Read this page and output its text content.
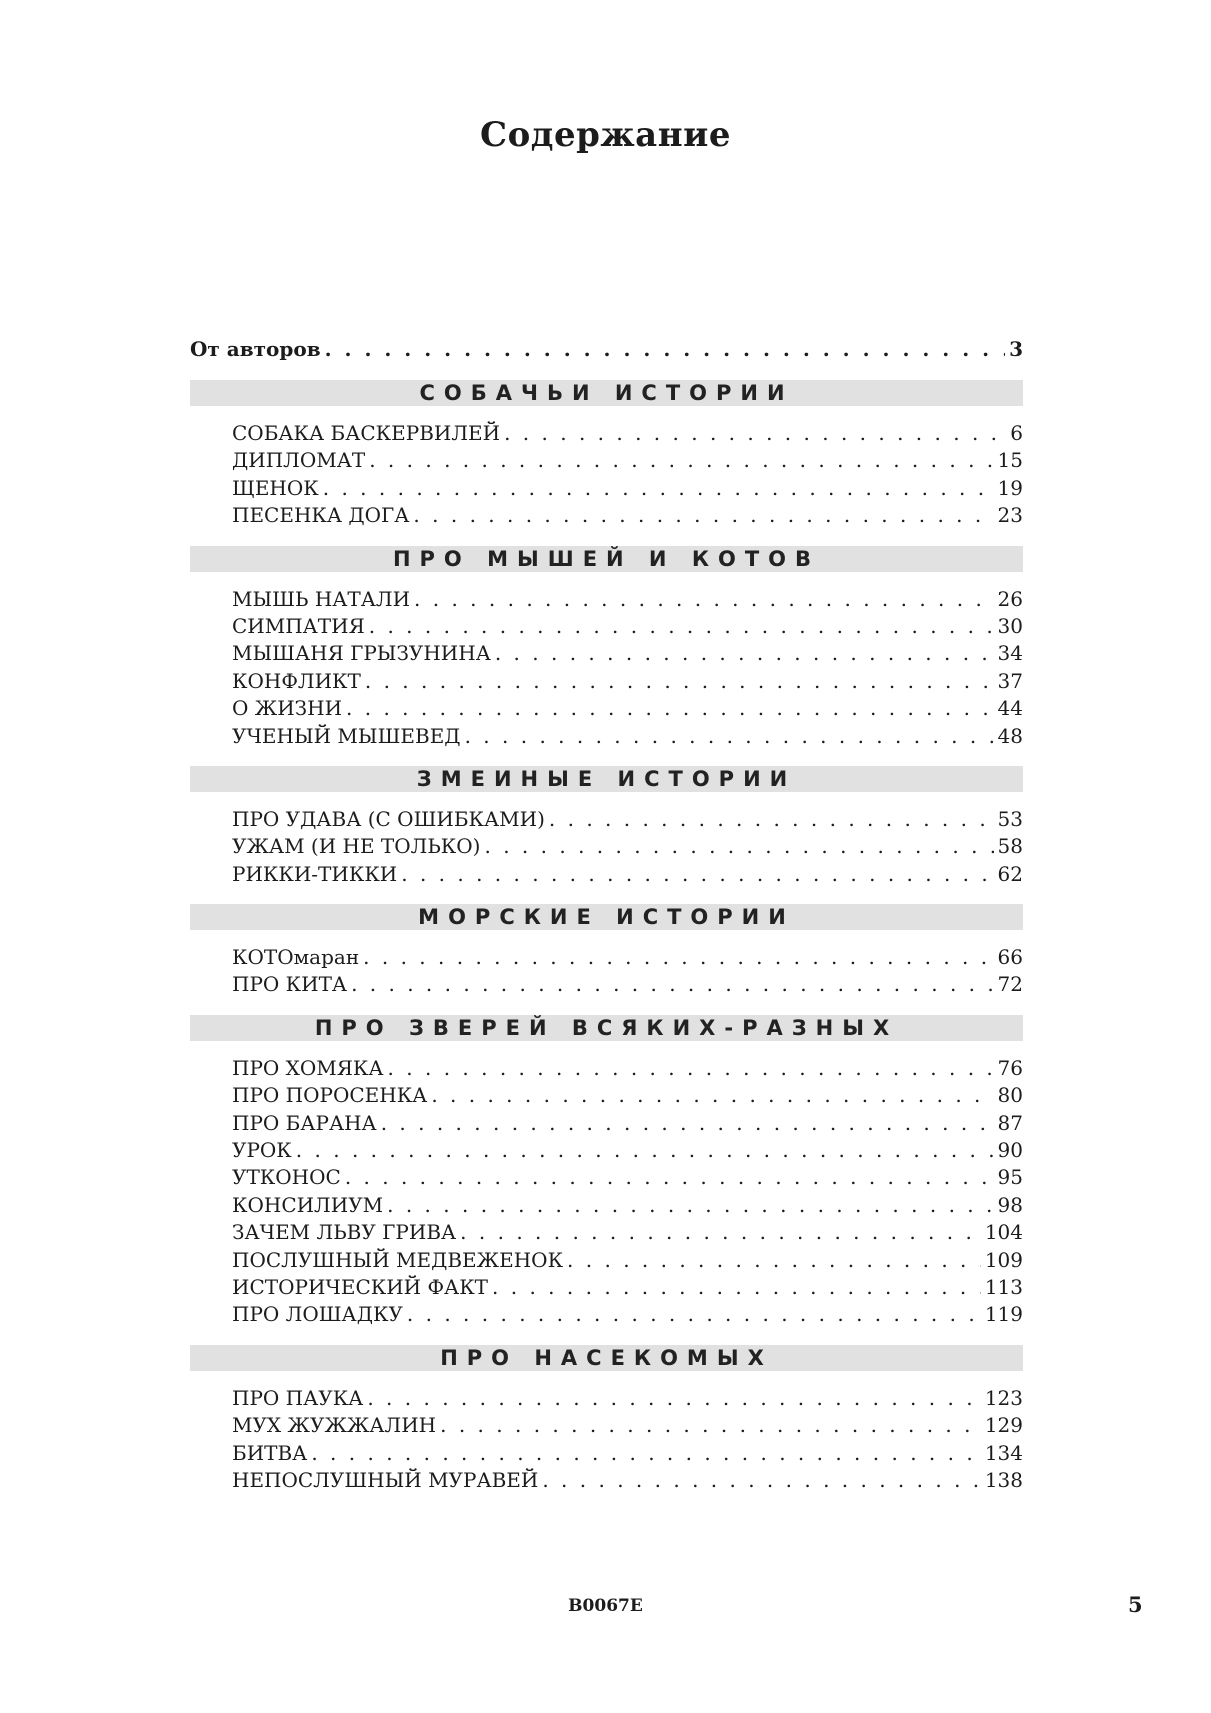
Содержание
От авторов . . .	3
СОБАЧЬИ ИСТОРИИ
СОБАКА БАСКЕРВИЛЕЙ . . .	6
ДИПЛОМАТ . . .	15
ЩЕНОК . . .	19
ПЕСЕНКА ДОГА . . .	23
ПРО МЫШЕЙ И КОТОВ
МЫШЬ НАТАЛИ . . .	26
СИМПАТИЯ . . .	30
МЫШАНЯ ГРЫЗУНИНА . . .	34
КОНФЛИКТ . . .	37
О ЖИЗНИ . . .	44
УЧЕНЫЙ МЫШЕВЕД . . .	48
ЗМЕИНЫЕ ИСТОРИИ
ПРО УДАВА (С ОШИБКАМИ) . . .	53
УЖАМ (И НЕ ТОЛЬКО) . . .	58
РИККИ-ТИККИ . . .	62
МОРСКИЕ ИСТОРИИ
КОТОмаран . . .	66
ПРО КИТА . . .	72
ПРО ЗВЕРЕЙ ВСЯКИХ-РАЗНЫХ
ПРО ХОМЯКА . . .	76
ПРО ПОРОСЕНКА . . .	80
ПРО БАРАНА . . .	87
УРОК . . .	90
УТКОНОС . . .	95
КОНСИЛИУМ . . .	98
ЗАЧЕМ ЛЬВУ ГРИВА . . .	104
ПОСЛУШНЫЙ МЕДВЕЖЕНОК . . .	109
ИСТОРИЧЕСКИЙ ФАКТ . . .	113
ПРО ЛОШАДКУ . . .	119
ПРО НАСЕКОМЫХ
ПРО ПАУКА . . .	123
МУХ ЖУЖЖАЛИН . . .	129
БИТВА . . .	134
НЕПОСЛУШНЫЙ МУРАВЕЙ . . .	138
B0067E	5
